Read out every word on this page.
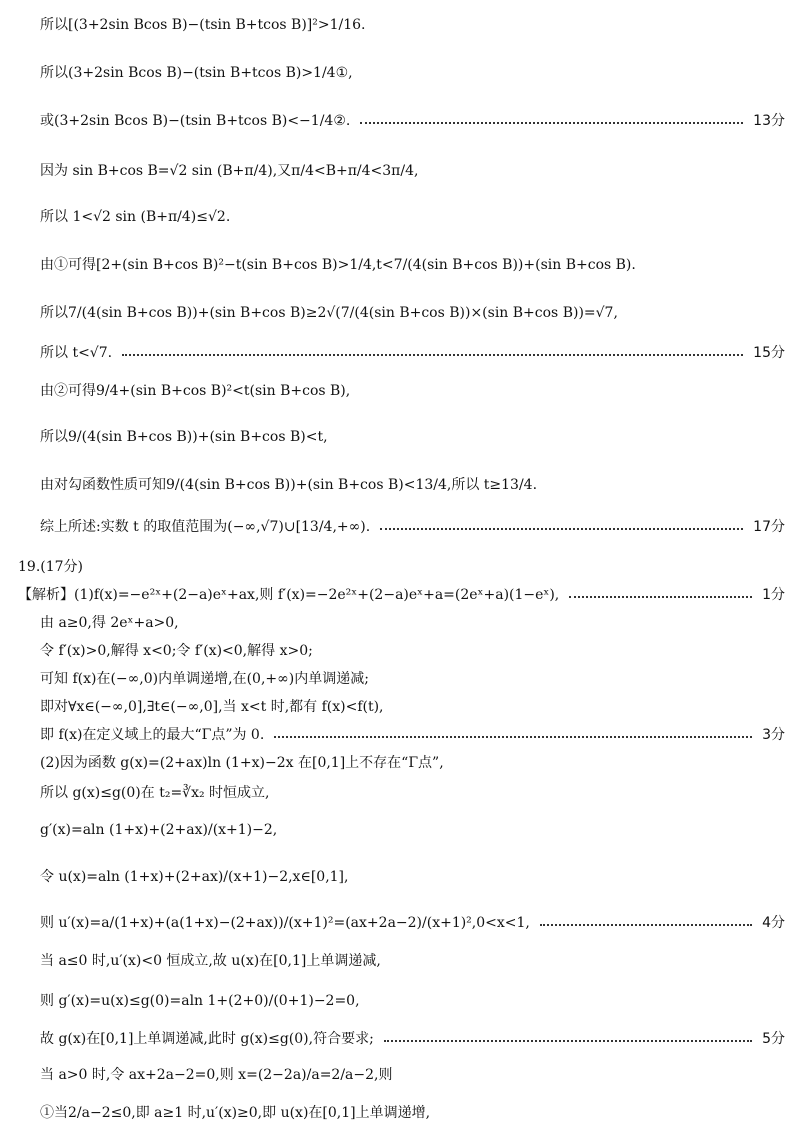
所以[(3+2sin Bcos B)−(tsin B+tcos B)]²>1/16.
所以(3+2sin Bcos B)−(tsin B+tcos B)>1/4①,
或(3+2sin Bcos B)−(tsin B+tcos B)<−1/4②.	13分
因为 sin B+cos B=√2 sin (B+π/4),又π/4<B+π/4<3π/4,
所以 1<√2 sin (B+π/4)≤√2.
由①可得[2+(sin B+cos B)²−t(sin B+cos B)>1/4,t<7/(4(sin B+cos B))+(sin B+cos B).
所以7/(4(sin B+cos B))+(sin B+cos B)≥2√(7/(4(sin B+cos B))×(sin B+cos B))=√7,
所以 t<√7.	15分
由②可得9/4+(sin B+cos B)²<t(sin B+cos B),
所以9/(4(sin B+cos B))+(sin B+cos B)<t,
由对勾函数性质可知9/(4(sin B+cos B))+(sin B+cos B)<13/4,所以 t≥13/4.
综上所述:实数 t 的取值范围为(−∞,√7)∪[13/4,+∞).	17分
19.(17分)
【解析】(1)f(x)=−e²ˣ+(2−a)eˣ+ax,则 f′(x)=−2e²ˣ+(2−a)eˣ+a=(2eˣ+a)(1−eˣ),	1分
由 a≥0,得 2eˣ+a>0,
令 f′(x)>0,解得 x<0;令 f′(x)<0,解得 x>0;
可知 f(x)在(−∞,0)内单调递增,在(0,+∞)内单调递减;
即对∀x∈(−∞,0],∃t∈(−∞,0],当 x<t 时,都有 f(x)<f(t),
即 f(x)在定义域上的最大“Γ点”为 0.	3分
(2)因为函数 g(x)=(2+ax)ln (1+x)−2x 在[0,1]上不存在“Γ点”,
所以 g(x)≤g(0)在 t₂=∛x₂ 时恒成立,
g′(x)=aln (1+x)+(2+ax)/(x+1)−2,
令 u(x)=aln (1+x)+(2+ax)/(x+1)−2,x∈[0,1],
则 u′(x)=a/(1+x)+(a(1+x)−(2+ax))/(x+1)²=(ax+2a−2)/(x+1)²,0<x<1,	4分
当 a≤0 时,u′(x)<0 恒成立,故 u(x)在[0,1]上单调递减,
则 g′(x)=u(x)≤g(0)=aln 1+(2+0)/(0+1)−2=0,
故 g(x)在[0,1]上单调递减,此时 g(x)≤g(0),符合要求;	5分
当 a>0 时,令 ax+2a−2=0,则 x=(2−2a)/a=2/a−2,则
①当2/a−2≤0,即 a≥1 时,u′(x)≥0,即 u(x)在[0,1]上单调递增,
